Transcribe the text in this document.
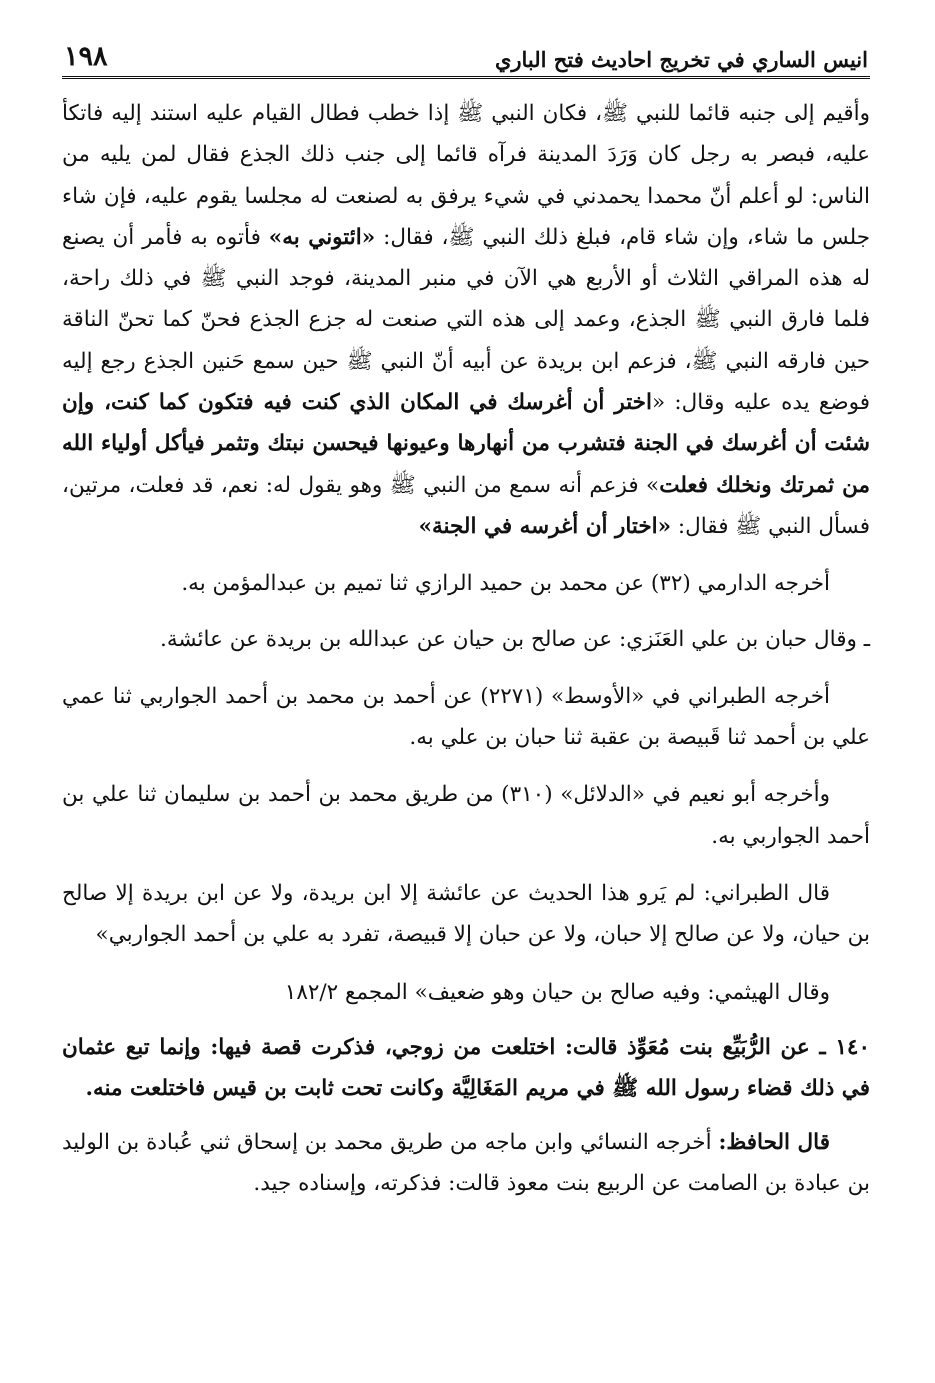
انيس الساري في تخريج احاديث فتح الباري
١٩٨

وأقيم إلى جنبه قائما للنبي ﷺ، فكان النبي ﷺ إذا خطب فطال القيام عليه استند إليه فاتكأ عليه، فبصر به رجل كان وَرَدَ المدينة فرآه قائما إلى جنب ذلك الجذع فقال لمن يليه من الناس: لو أعلم أنّ محمدا يحمدني في شيء يرفق به لصنعت له مجلسا يقوم عليه، فإن شاء جلس ما شاء، وإن شاء قام، فبلغ ذلك النبي ﷺ، فقال: «ائتوني به» فأتوه به فأمر أن يصنع له هذه المراقي الثلاث أو الأربع هي الآن في منبر المدينة، فوجد النبي ﷺ في ذلك راحة، فلما فارق النبي ﷺ الجذع، وعمد إلى هذه التي صنعت له جزع الجذع فحنّ كما تحنّ الناقة حين فارقه النبي ﷺ، فزعم ابن بريدة عن أبيه أنّ النبي ﷺ حين سمع حَنين الجذع رجع إليه فوضع يده عليه وقال: «اختر أن أغرسك في المكان الذي كنت فيه فتكون كما كنت، وإن شئت أن أغرسك في الجنة فتشرب من أنهارها وعيونها فيحسن نبتك وتثمر فيأكل أولياء الله من ثمرتك ونخلك فعلت» فزعم أنه سمع من النبي ﷺ وهو يقول له: نعم، قد فعلت، مرتين، فسأل النبي ﷺ فقال: «اختار أن أغرسه في الجنة»

أخرجه الدارمي (٣٢) عن محمد بن حميد الرازي ثنا تميم بن عبدالمؤمن به.

ـ وقال حبان بن علي العَنَزي: عن صالح بن حيان عن عبدالله بن بريدة عن عائشة.

أخرجه الطبراني في «الأوسط» (٢٢٧١) عن أحمد بن محمد بن أحمد الجواربي ثنا عمي علي بن أحمد ثنا قَبيصة بن عقبة ثنا حبان بن علي به.

وأخرجه أبو نعيم في «الدلائل» (٣١٠) من طريق محمد بن أحمد بن سليمان ثنا علي بن أحمد الجواربي به.

قال الطبراني: لم يَرو هذا الحديث عن عائشة إلا ابن بريدة، ولا عن ابن بريدة إلا صالح بن حيان، ولا عن صالح إلا حبان، ولا عن حبان إلا قبيصة، تفرد به علي بن أحمد الجواربي»

وقال الهيثمي: وفيه صالح بن حيان وهو ضعيف» المجمع ١٨٢/٢

١٤٠ ـ عن الرُّبَيِّع بنت مُعَوِّذ قالت: اختلعت من زوجي، فذكرت قصة فيها: وإنما تبع عثمان في ذلك قضاء رسول الله ﷺ في مريم المَغَالِيَّة وكانت تحت ثابت بن قيس فاختلعت منه.

قال الحافظ: أخرجه النسائي وابن ماجه من طريق محمد بن إسحاق ثني عُبادة بن الوليد بن عبادة بن الصامت عن الربيع بنت معوذ قالت: فذكرته، وإسناده جيد.
